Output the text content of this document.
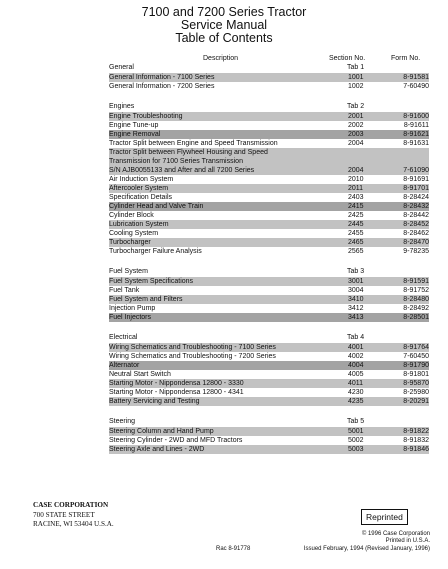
7100 and 7200 Series Tractor
Service Manual
Table of Contents
Description	Section No.	Form No.
General	Tab 1
General Information - 7100 Series	1001	8-91581
General Information - 7200 Series	1002	7-60490
Engines	Tab 2
Engine Troubleshooting	2001	8-91600
Engine Tune-up	2002	8-91611
Engine Removal	2003	8-91621
Tractor Split between Engine and Speed Transmission	2004	8-91631
Tractor Split between Flywheel Housing and Speed
Transmission for 7100 Series Transmission
S/N AJB0055133 and After and all 7200 Series	2004	7-61090
Air Induction System	2010	8-91691
Aftercooler System	2011	8-91701
Specification Details	2403	8-28424
Cylinder Head and Valve Train	2415	8-28432
Cylinder Block	2425	8-28442
Lubrication System	2445	8-28452
Cooling System	2455	8-28462
Turbocharger	2465	8-28470
Turbocharger Failure Analysis	2565	9-78235
Fuel System	Tab 3
Fuel System Specifications	3001	8-91591
Fuel Tank	3004	8-91752
Fuel System and Filters	3410	8-28480
Injection Pump	3412	8-28492
Fuel Injectors	3413	8-28501
Electrical	Tab 4
Wiring Schematics and Troubleshooting - 7100 Series	4001	8-91764
Wiring Schematics and Troubleshooting - 7200 Series	4002	7-60450
Alternator	4004	8-91790
Neutral Start Switch	4005	8-91801
Starting Motor - Nippondensa 12800 - 3330	4011	8-95870
Starting Motor - Nippondensa 12800 - 4341	4230	8-25980
Battery Servicing and Testing	4235	8-20291
Steering	Tab 5
Steering Column and Hand Pump	5001	8-91822
Steering Cylinder - 2WD and MFD Tractors	5002	8-91832
Steering Axle and Lines - 2WD	5003	8-91846
CASE CORPORATION
700 STATE STREET
RACINE, WI 53404 U.S.A.
Reprinted
© 1996 Case Corporation
Printed in U.S.A.
Rac 8-91778	Issued February, 1994 (Revised January, 1996)
